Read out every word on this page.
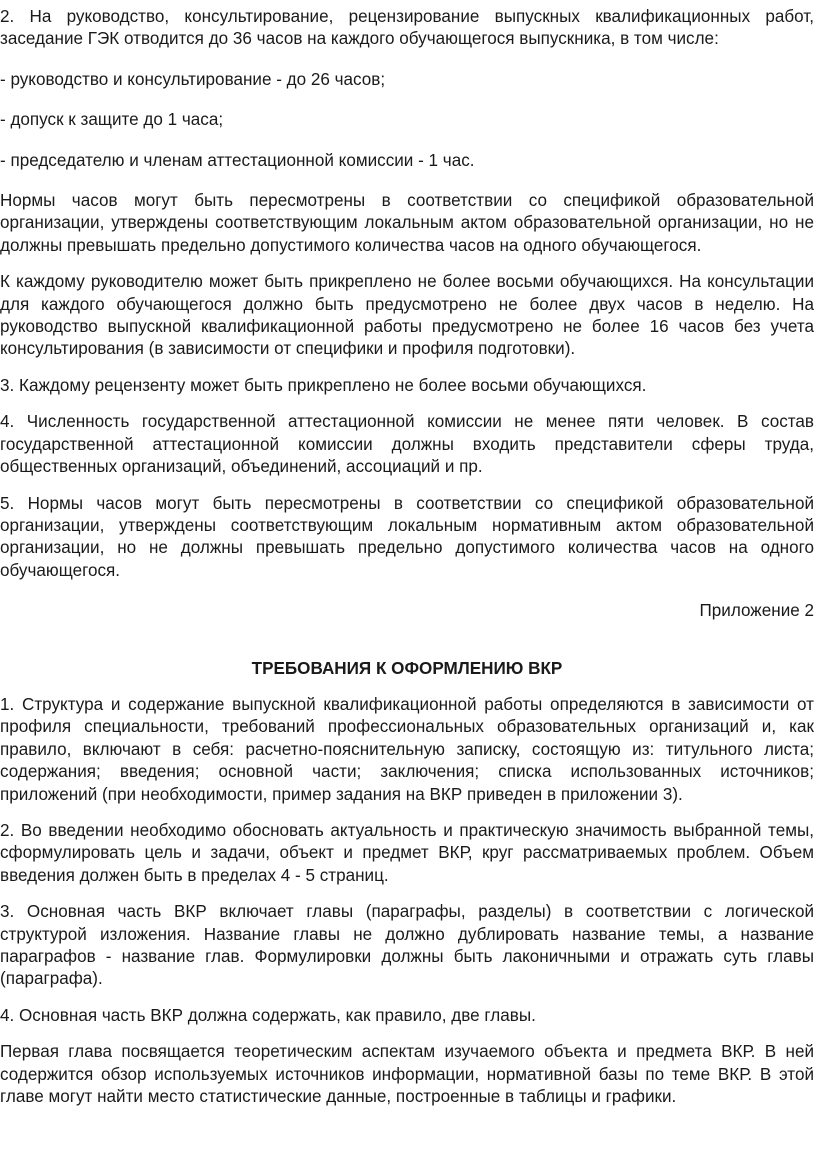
2. На руководство, консультирование, рецензирование выпускных квалификационных работ, заседание ГЭК отводится до 36 часов на каждого обучающегося выпускника, в том числе:

- руководство и консультирование - до 26 часов;

- допуск к защите до 1 часа;

- председателю и членам аттестационной комиссии - 1 час.

Нормы часов могут быть пересмотрены в соответствии со спецификой образовательной организации, утверждены соответствующим локальным актом образовательной организации, но не должны превышать предельно допустимого количества часов на одного обучающегося.

К каждому руководителю может быть прикреплено не более восьми обучающихся. На консультации для каждого обучающегося должно быть предусмотрено не более двух часов в неделю. На руководство выпускной квалификационной работы предусмотрено не более 16 часов без учета консультирования (в зависимости от специфики и профиля подготовки).

3. Каждому рецензенту может быть прикреплено не более восьми обучающихся.

4. Численность государственной аттестационной комиссии не менее пяти человек. В состав государственной аттестационной комиссии должны входить представители сферы труда, общественных организаций, объединений, ассоциаций и пр.

5. Нормы часов могут быть пересмотрены в соответствии со спецификой образовательной организации, утверждены соответствующим локальным нормативным актом образовательной организации, но не должны превышать предельно допустимого количества часов на одного обучающегося.

Приложение 2

ТРЕБОВАНИЯ К ОФОРМЛЕНИЮ ВКР

1. Структура и содержание выпускной квалификационной работы определяются в зависимости от профиля специальности, требований профессиональных образовательных организаций и, как правило, включают в себя: расчетно-пояснительную записку, состоящую из: титульного листа; содержания; введения; основной части; заключения; списка использованных источников; приложений (при необходимости, пример задания на ВКР приведен в приложении 3).

2. Во введении необходимо обосновать актуальность и практическую значимость выбранной темы, сформулировать цель и задачи, объект и предмет ВКР, круг рассматриваемых проблем. Объем введения должен быть в пределах 4 - 5 страниц.

3. Основная часть ВКР включает главы (параграфы, разделы) в соответствии с логической структурой изложения. Название главы не должно дублировать название темы, а название параграфов - название глав. Формулировки должны быть лаконичными и отражать суть главы (параграфа).

4. Основная часть ВКР должна содержать, как правило, две главы.

Первая глава посвящается теоретическим аспектам изучаемого объекта и предмета ВКР. В ней содержится обзор используемых источников информации, нормативной базы по теме ВКР. В этой главе могут найти место статистические данные, построенные в таблицы и графики.
